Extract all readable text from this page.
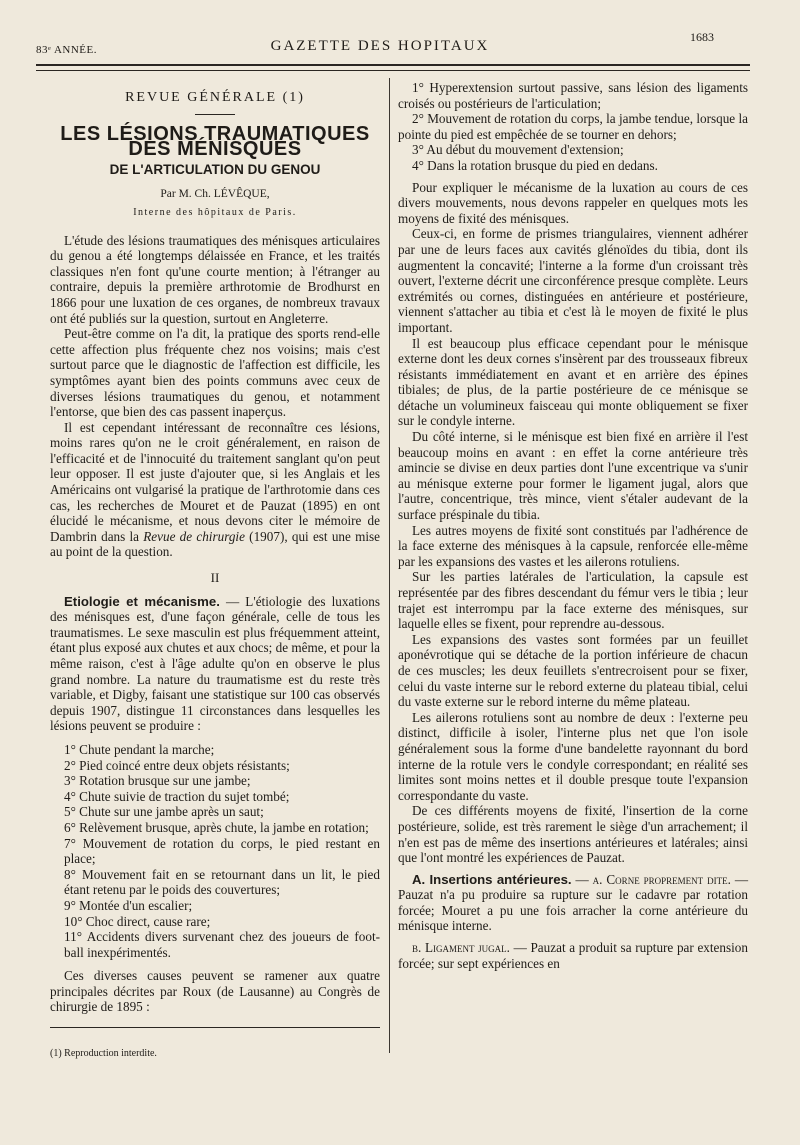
83ᵉ ANNÉE.	GAZETTE DES HOPITAUX
1683

REVUE GÉNÉRALE (1)

LES LÉSIONS TRAUMATIQUES DES MÉNISQUES

DE L'ARTICULATION DU GENOU

Par M. Ch. LÉVÊQUE,

Interne des hôpitaux de Paris.

L'étude des lésions traumatiques des ménisques articulaires du genou a été longtemps délaissée en France, et les traités classiques n'en font qu'une courte mention; à l'étranger au contraire, depuis la première arthrotomie de Brodhurst en 1866 pour une luxation de ces organes, de nombreux travaux ont été publiés sur la question, surtout en Angleterre.

Peut-être comme on l'a dit, la pratique des sports rend-elle cette affection plus fréquente chez nos voisins; mais c'est surtout parce que le diagnostic de l'affection est difficile, les symptômes ayant bien des points communs avec ceux de diverses lésions traumatiques du genou, et notamment l'entorse, que bien des cas passent inaperçus.

Il est cependant intéressant de reconnaître ces lésions, moins rares qu'on ne le croit généralement, en raison de l'efficacité et de l'innocuité du traitement sanglant qu'on peut leur opposer. Il est juste d'ajouter que, si les Anglais et les Américains ont vulgarisé la pratique de l'arthrotomie dans ces cas, les recherches de Mouret et de Pauzat (1895) en ont élucidé le mécanisme, et nous devons citer le mémoire de Dambrin dans la Revue de chirurgie (1907), qui est une mise au point de la question.

II

Etiologie et mécanisme. — L'étiologie des luxations des ménisques est, d'une façon générale, celle de tous les traumatismes. Le sexe masculin est plus fréquemment atteint, étant plus exposé aux chutes et aux chocs; de même, et pour la même raison, c'est à l'âge adulte qu'on en observe le plus grand nombre. La nature du traumatisme est du reste très variable, et Digby, faisant une statistique sur 100 cas observés depuis 1907, distingue 11 circonstances dans lesquelles les lésions peuvent se produire :

1° Chute pendant la marche;

2° Pied coincé entre deux objets résistants;

3° Rotation brusque sur une jambe;

4° Chute suivie de traction du sujet tombé;

5° Chute sur une jambe après un saut;

6° Relèvement brusque, après chute, la jambe en rotation;

7° Mouvement de rotation du corps, le pied restant en place;

8° Mouvement fait en se retournant dans un lit, le pied étant retenu par le poids des couvertures;

9° Montée d'un escalier;

10° Choc direct, cause rare;

11° Accidents divers survenant chez des joueurs de foot-ball inexpérimentés.

Ces diverses causes peuvent se ramener aux quatre principales décrites par Roux (de Lausanne) au Congrès de chirurgie de 1895 :

(1) Reproduction interdite.

1° Hyperextension surtout passive, sans lésion des ligaments croisés ou postérieurs de l'articulation;

2° Mouvement de rotation du corps, la jambe tendue, lorsque la pointe du pied est empêchée de se tourner en dehors;

3° Au début du mouvement d'extension;

4° Dans la rotation brusque du pied en dedans.

Pour expliquer le mécanisme de la luxation au cours de ces divers mouvements, nous devons rappeler en quelques mots les moyens de fixité des ménisques.

Ceux-ci, en forme de prismes triangulaires, viennent adhérer par une de leurs faces aux cavités glénoïdes du tibia, dont ils augmentent la concavité; l'interne a la forme d'un croissant très ouvert, l'externe décrit une circonférence presque complète. Leurs extrémités ou cornes, distinguées en antérieure et postérieure, viennent s'attacher au tibia et c'est là le moyen de fixité le plus important.

Il est beaucoup plus efficace cependant pour le ménisque externe dont les deux cornes s'insèrent par des trousseaux fibreux résistants immédiatement en avant et en arrière des épines tibiales; de plus, de la partie postérieure de ce ménisque se détache un volumineux faisceau qui monte obliquement se fixer sur le condyle interne.

Du côté interne, si le ménisque est bien fixé en arrière il l'est beaucoup moins en avant : en effet la corne antérieure très amincie se divise en deux parties dont l'une excentrique va s'unir au ménisque externe pour former le ligament jugal, alors que l'autre, concentrique, très mince, vient s'étaler audevant de la surface préspinale du tibia.

Les autres moyens de fixité sont constitués par l'adhérence de la face externe des ménisques à la capsule, renforcée elle-même par les expansions des vastes et les ailerons rotuliens.

Sur les parties latérales de l'articulation, la capsule est représentée par des fibres descendant du fémur vers le tibia ; leur trajet est interrompu par la face externe des ménisques, sur laquelle elles se fixent, pour reprendre au-dessous.

Les expansions des vastes sont formées par un feuillet aponévrotique qui se détache de la portion inférieure de chacun de ces muscles; les deux feuillets s'entrecroisent pour se fixer, celui du vaste interne sur le rebord externe du plateau tibial, celui du vaste externe sur le rebord interne du même plateau.

Les ailerons rotuliens sont au nombre de deux : l'externe peu distinct, difficile à isoler, l'interne plus net que l'on isole généralement sous la forme d'une bandelette rayonnant du bord interne de la rotule vers le condyle correspondant; en réalité ses limites sont moins nettes et il double presque toute l'expansion correspondante du vaste.

De ces différents moyens de fixité, l'insertion de la corne postérieure, solide, est très rarement le siège d'un arrachement; il n'en est pas de même des insertions antérieures et latérales; ainsi que l'ont montré les expériences de Pauzat.

A. Insertions antérieures. — a. Corne proprement dite. — Pauzat n'a pu produire sa rupture sur le cadavre par rotation forcée; Mouret a pu une fois arracher la corne antérieure du ménisque interne.

b. Ligament jugal. — Pauzat a produit sa rupture par extension forcée; sur sept expériences en
